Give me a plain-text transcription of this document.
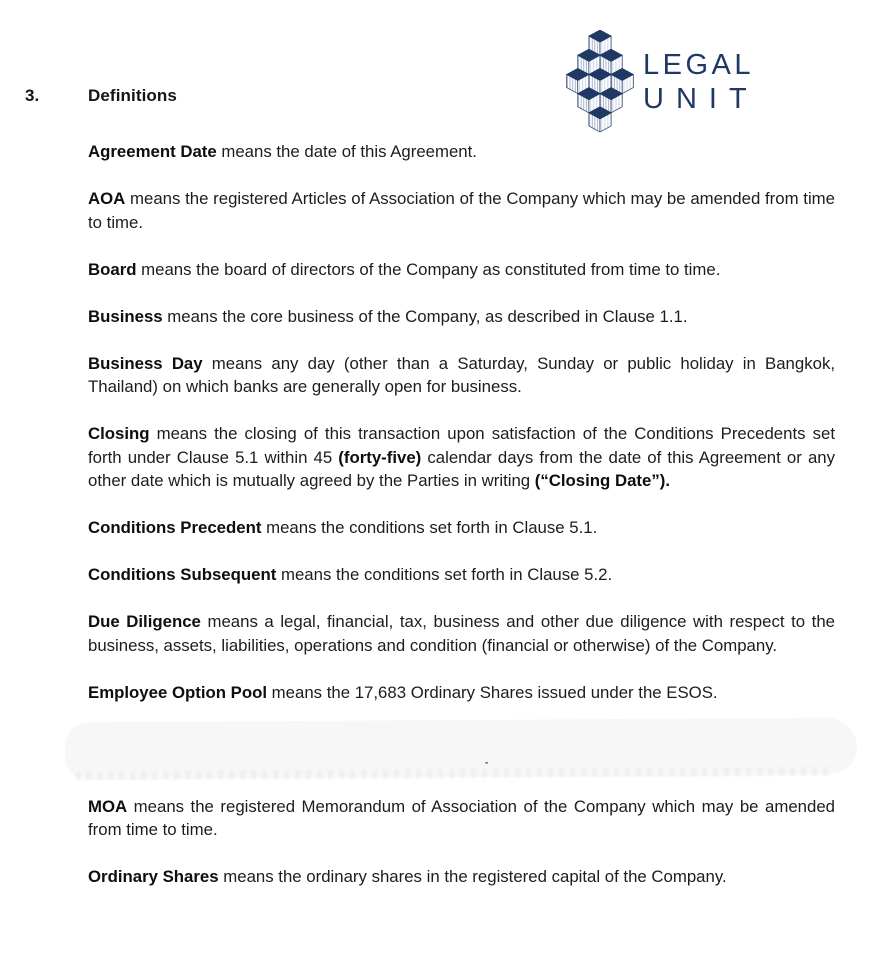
3.	Definitions
LEGAL
UNIT

Agreement Date means the date of this Agreement.

AOA means the registered Articles of Association of the Company which may be amended from time to time.

Board means the board of directors of the Company as constituted from time to time.

Business means the core business of the Company, as described in Clause 1.1.

Business Day means any day (other than a Saturday, Sunday or public holiday in Bangkok, Thailand) on which banks are generally open for business.

Closing means the closing of this transaction upon satisfaction of the Conditions Precedents set forth under Clause 5.1 within 45 (forty-five) calendar days from the date of this Agreement or any other date which is mutually agreed by the Parties in writing (“Closing Date”).

Conditions Precedent means the conditions set forth in Clause 5.1.

Conditions Subsequent means the conditions set forth in Clause 5.2.

Due Diligence means a legal, financial, tax, business and other due diligence with respect to the business, assets, liabilities, operations and condition (financial or otherwise) of the Company.

Employee Option Pool means the 17,683 Ordinary Shares issued under the ESOS.

MOA means the registered Memorandum of Association of the Company which may be amended from time to time.

Ordinary Shares means the ordinary shares in the registered capital of the Company.
